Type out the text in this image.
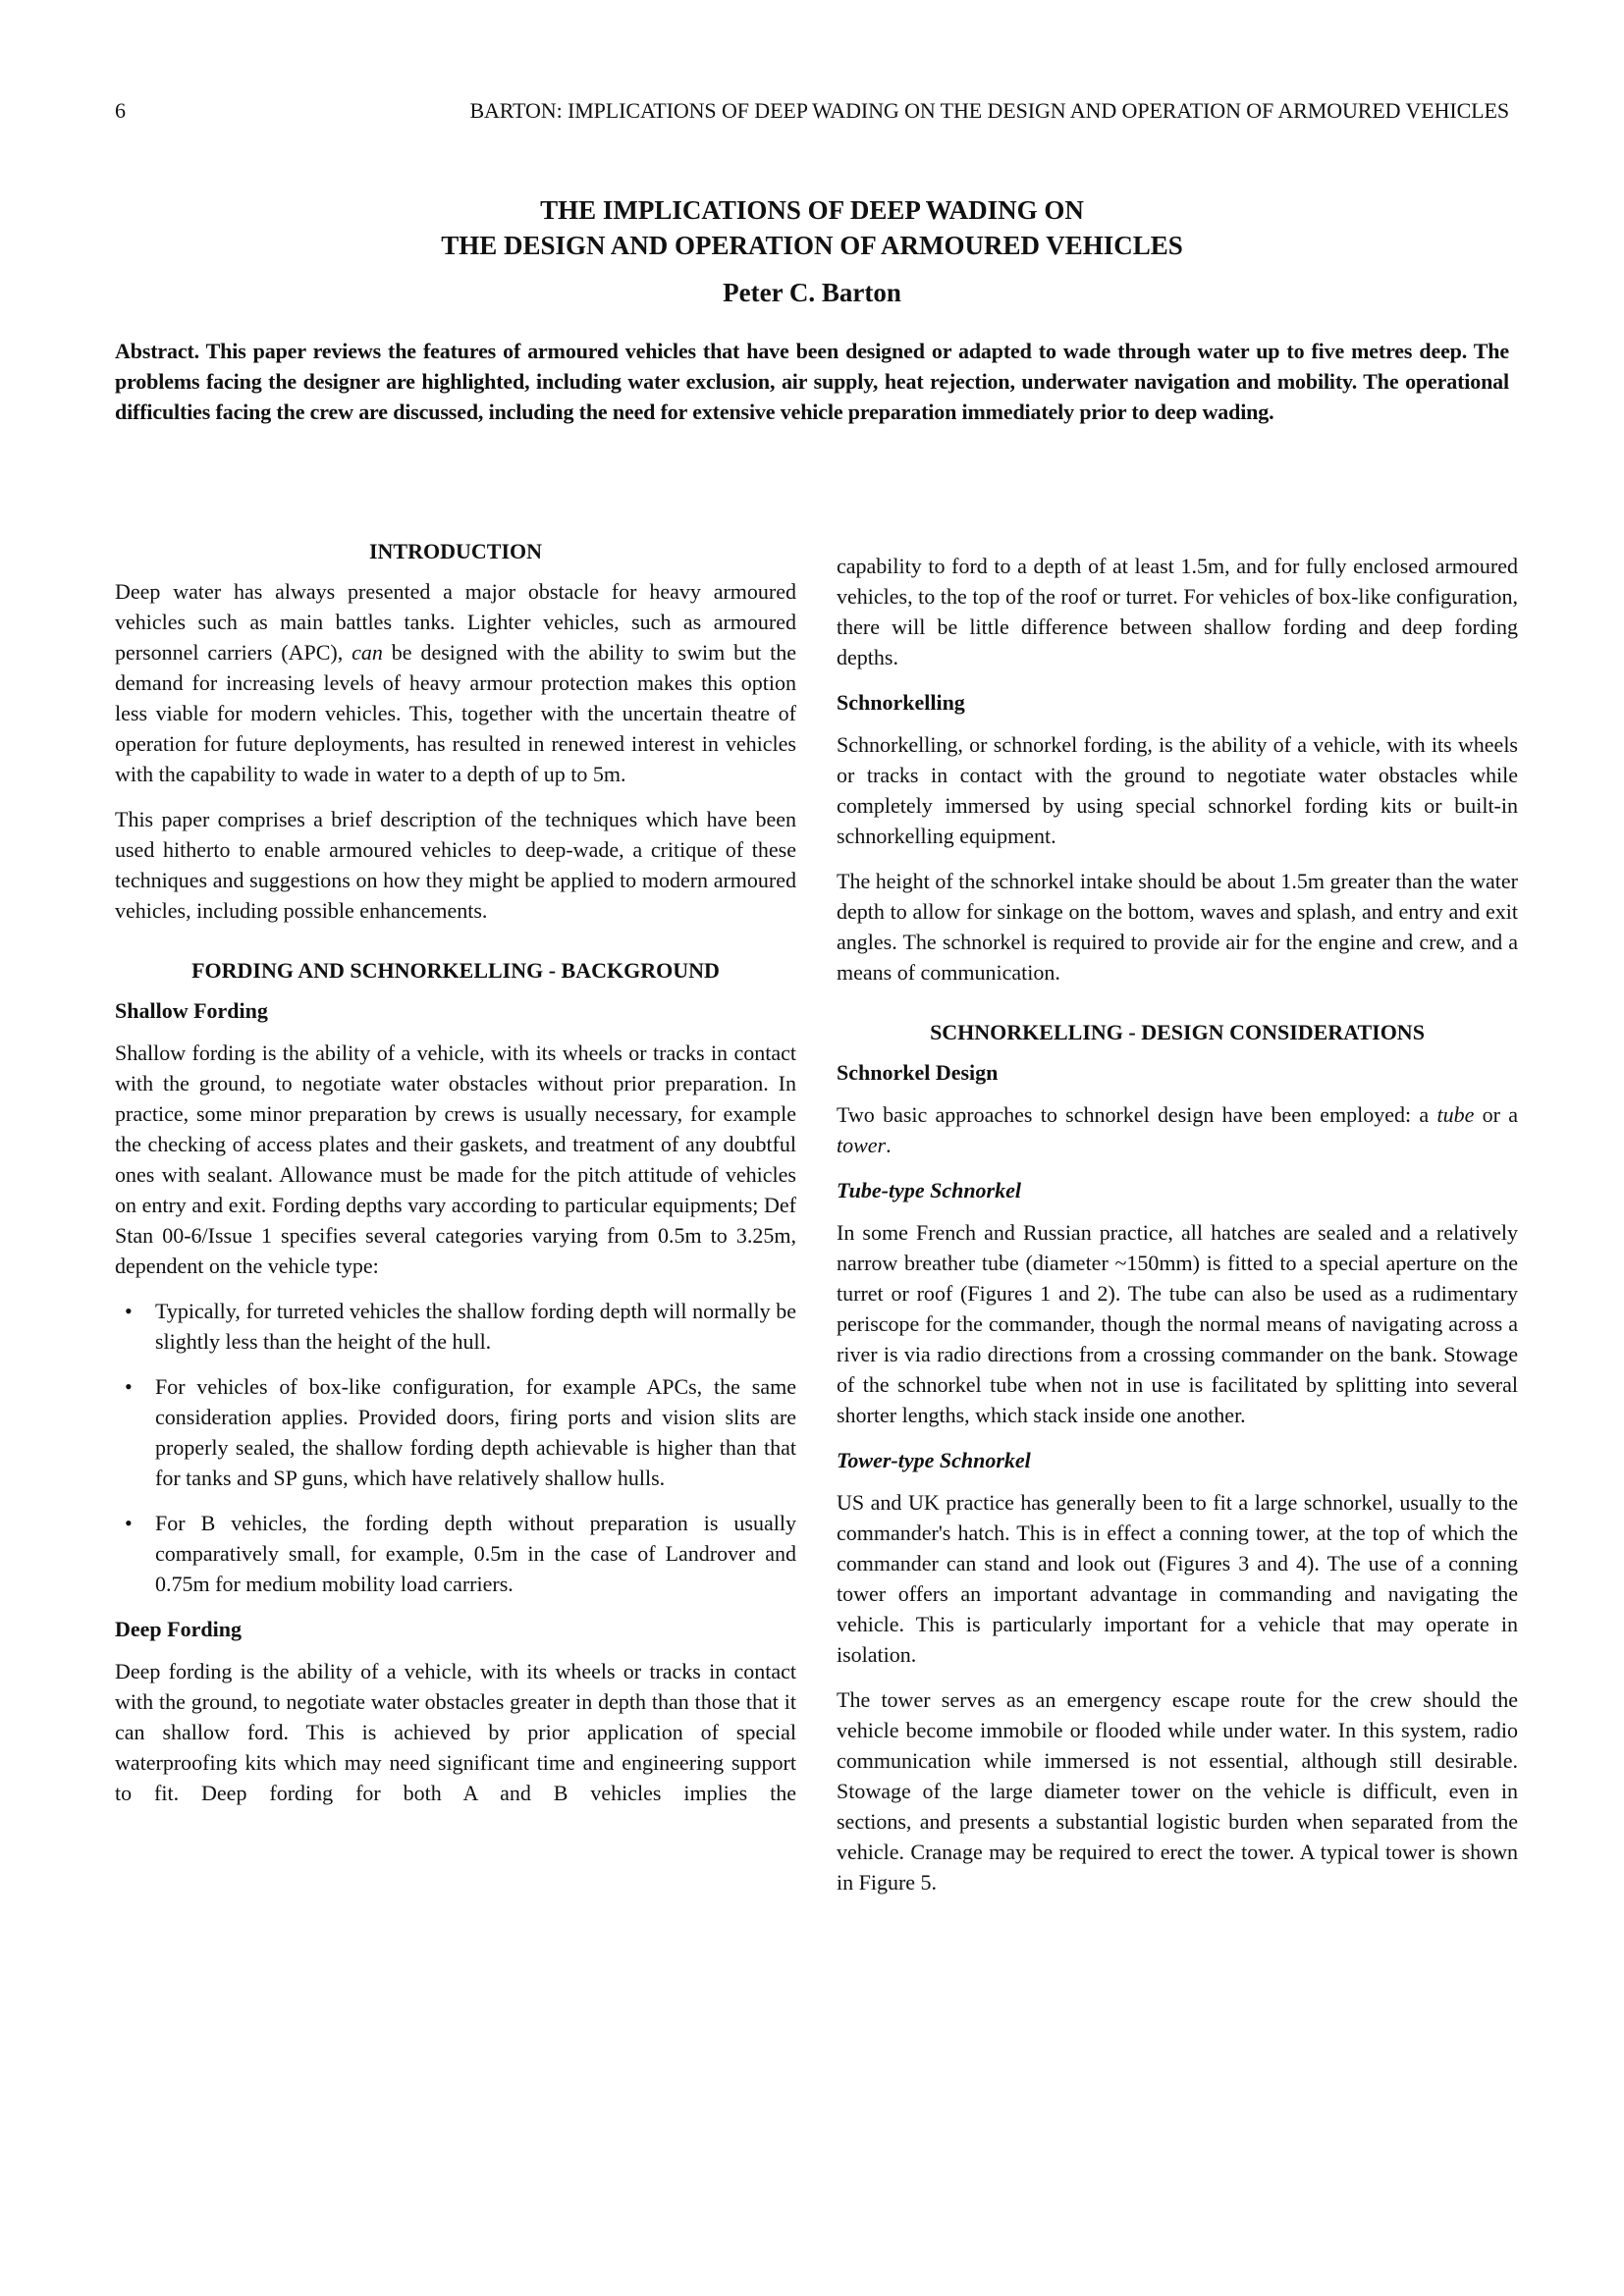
6	BARTON: IMPLICATIONS OF DEEP WADING ON THE DESIGN AND OPERATION OF ARMOURED VEHICLES
THE IMPLICATIONS OF DEEP WADING ON
THE DESIGN AND OPERATION OF ARMOURED VEHICLES
Peter C. Barton
Abstract. This paper reviews the features of armoured vehicles that have been designed or adapted to wade through water up to five metres deep. The problems facing the designer are highlighted, including water exclusion, air supply, heat rejection, underwater navigation and mobility. The operational difficulties facing the crew are discussed, including the need for extensive vehicle preparation immediately prior to deep wading.
INTRODUCTION

Deep water has always presented a major obstacle for heavy armoured vehicles such as main battles tanks. Lighter vehicles, such as armoured personnel carriers (APC), can be designed with the ability to swim but the demand for increasing levels of heavy armour protection makes this option less viable for modern vehicles. This, together with the uncertain theatre of operation for future deployments, has resulted in renewed interest in vehicles with the capability to wade in water to a depth of up to 5m.

This paper comprises a brief description of the techniques which have been used hitherto to enable armoured vehicles to deep-wade, a critique of these techniques and suggestions on how they might be applied to modern armoured vehicles, including possible enhancements.

FORDING AND SCHNORKELLING - BACKGROUND
Shallow Fording

Shallow fording is the ability of a vehicle, with its wheels or tracks in contact with the ground, to negotiate water obstacles without prior preparation. In practice, some minor preparation by crews is usually necessary, for example the checking of access plates and their gaskets, and treatment of any doubtful ones with sealant. Allowance must be made for the pitch attitude of vehicles on entry and exit. Fording depths vary according to particular equipments; Def Stan 00-6/Issue 1 specifies several categories varying from 0.5m to 3.25m, dependent on the vehicle type:

• Typically, for turreted vehicles the shallow fording depth will normally be slightly less than the height of the hull.
• For vehicles of box-like configuration, for example APCs, the same consideration applies. Provided doors, firing ports and vision slits are properly sealed, the shallow fording depth achievable is higher than that for tanks and SP guns, which have relatively shallow hulls.
• For B vehicles, the fording depth without preparation is usually comparatively small, for example, 0.5m in the case of Landrover and 0.75m for medium mobility load carriers.
Deep Fording

Deep fording is the ability of a vehicle, with its wheels or tracks in contact with the ground, to negotiate water obstacles greater in depth than those that it can shallow ford. This is achieved by prior application of special waterproofing kits which may need significant time and engineering support to fit. Deep fording for both A and B vehicles implies the

capability to ford to a depth of at least 1.5m, and for fully enclosed armoured vehicles, to the top of the roof or turret. For vehicles of box-like configuration, there will be little difference between shallow fording and deep fording depths.

Schnorkelling

Schnorkelling, or schnorkel fording, is the ability of a vehicle, with its wheels or tracks in contact with the ground to negotiate water obstacles while completely immersed by using special schnorkel fording kits or built-in schnorkelling equipment.

The height of the schnorkel intake should be about 1.5m greater than the water depth to allow for sinkage on the bottom, waves and splash, and entry and exit angles. The schnorkel is required to provide air for the engine and crew, and a means of communication.

SCHNORKELLING - DESIGN CONSIDERATIONS
Schnorkel Design

Two basic approaches to schnorkel design have been employed: a tube or a tower.

Tube-type Schnorkel

In some French and Russian practice, all hatches are sealed and a relatively narrow breather tube (diameter ~150mm) is fitted to a special aperture on the turret or roof (Figures 1 and 2). The tube can also be used as a rudimentary periscope for the commander, though the normal means of navigating across a river is via radio directions from a crossing commander on the bank. Stowage of the schnorkel tube when not in use is facilitated by splitting into several shorter lengths, which stack inside one another.

Tower-type Schnorkel

US and UK practice has generally been to fit a large schnorkel, usually to the commander's hatch. This is in effect a conning tower, at the top of which the commander can stand and look out (Figures 3 and 4). The use of a conning tower offers an important advantage in commanding and navigating the vehicle. This is particularly important for a vehicle that may operate in isolation.

The tower serves as an emergency escape route for the crew should the vehicle become immobile or flooded while under water. In this system, radio communication while immersed is not essential, although still desirable. Stowage of the large diameter tower on the vehicle is difficult, even in sections, and presents a substantial logistic burden when separated from the vehicle. Cranage may be required to erect the tower. A typical tower is shown in Figure 5.
